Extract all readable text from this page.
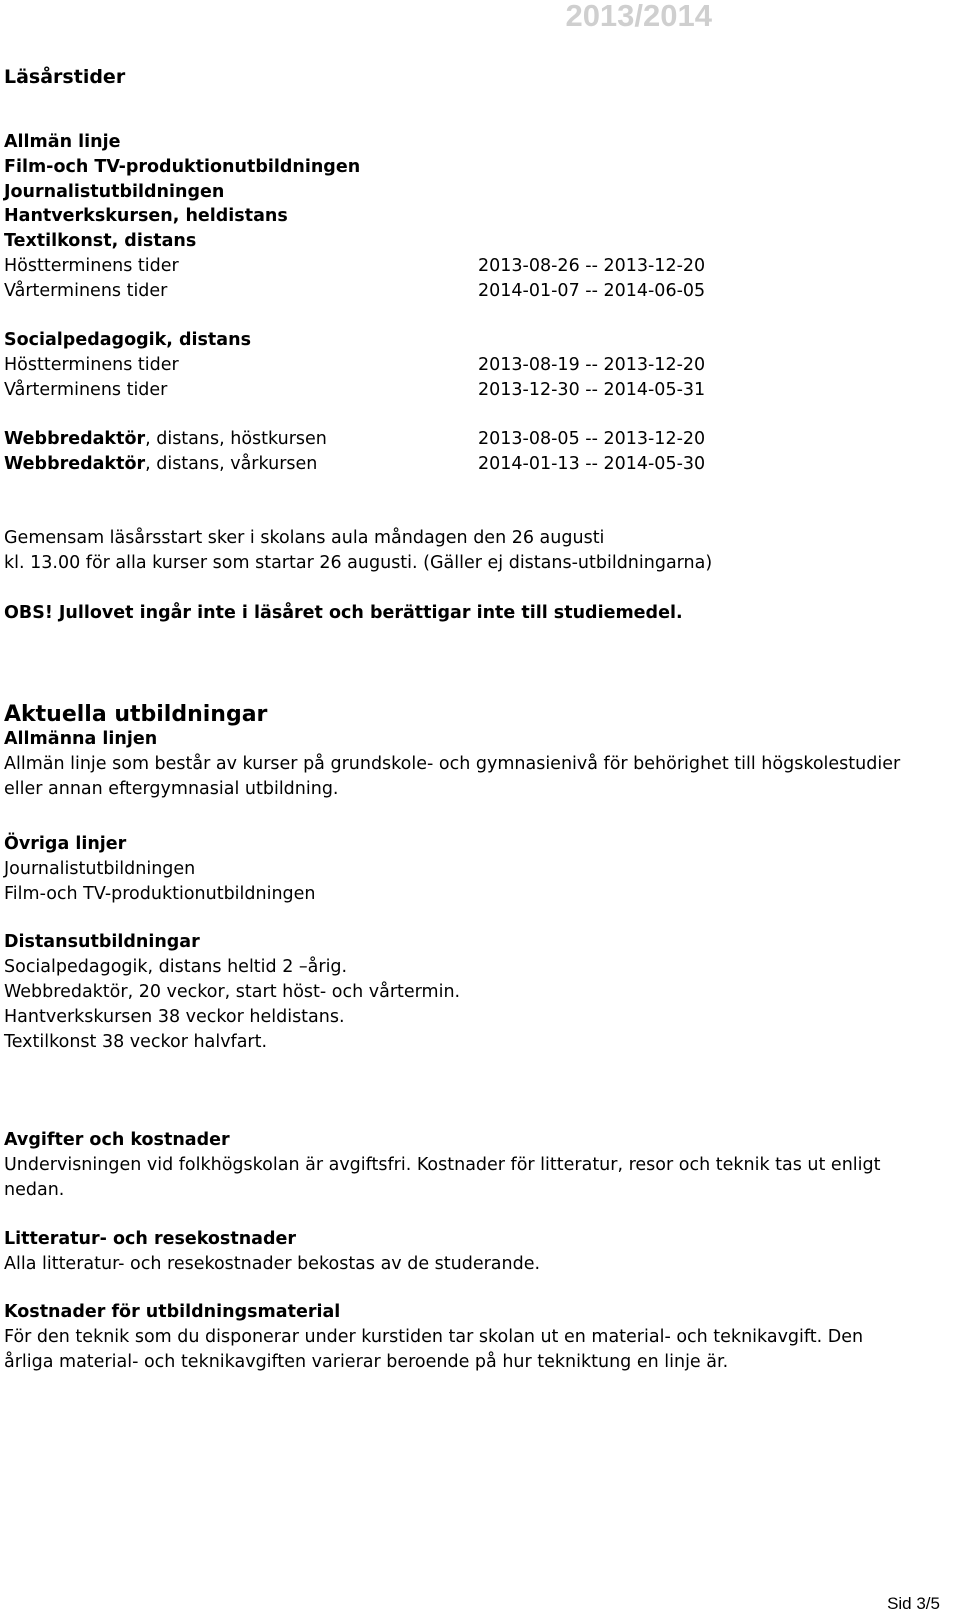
2013/2014
Läsårstider
Allmän linje
Film-och TV-produktionutbildningen
Journalistutbildningen
Hantverkskursen, heldistans
Textilkonst, distans
Höstterminens tider	2013-08-26 -- 2013-12-20
Vårterminens tider	2014-01-07 -- 2014-06-05
Socialpedagogik, distans
Höstterminens tider	2013-08-19 -- 2013-12-20
Vårterminens tider	2013-12-30 -- 2014-05-31
Webbredaktör, distans, höstkursen	2013-08-05 -- 2013-12-20
Webbredaktör, distans, vårkursen	2014-01-13 -- 2014-05-30
Gemensam läsårsstart sker i skolans aula måndagen den 26 augusti
kl. 13.00 för alla kurser som startar 26 augusti. (Gäller ej distans-utbildningarna)
OBS! Jullovet ingår inte i läsåret och berättigar inte till studiemedel.

Aktuella utbildningar

Allmänna linjen

Allmän linje som består av kurser på grundskole- och gymnasienivå för behörighet till högskolestudier eller annan eftergymnasial utbildning.

Övriga linjer

Journalistutbildningen

Film-och TV-produktionutbildningen

Distansutbildningar

Socialpedagogik, distans heltid 2 –årig.

Webbredaktör, 20 veckor, start höst- och vårtermin.

Hantverkskursen 38 veckor heldistans.

Textilkonst 38 veckor halvfart.

Avgifter och kostnader

Undervisningen vid folkhögskolan är avgiftsfri. Kostnader för litteratur, resor och teknik tas ut enligt nedan.

Litteratur- och resekostnader

Alla litteratur- och resekostnader bekostas av de studerande.

Kostnader för utbildningsmaterial

För den teknik som du disponerar under kurstiden tar skolan ut en material- och teknikavgift. Den årliga material- och teknikavgiften varierar beroende på hur tekniktung en linje är.

Sid 3/5
